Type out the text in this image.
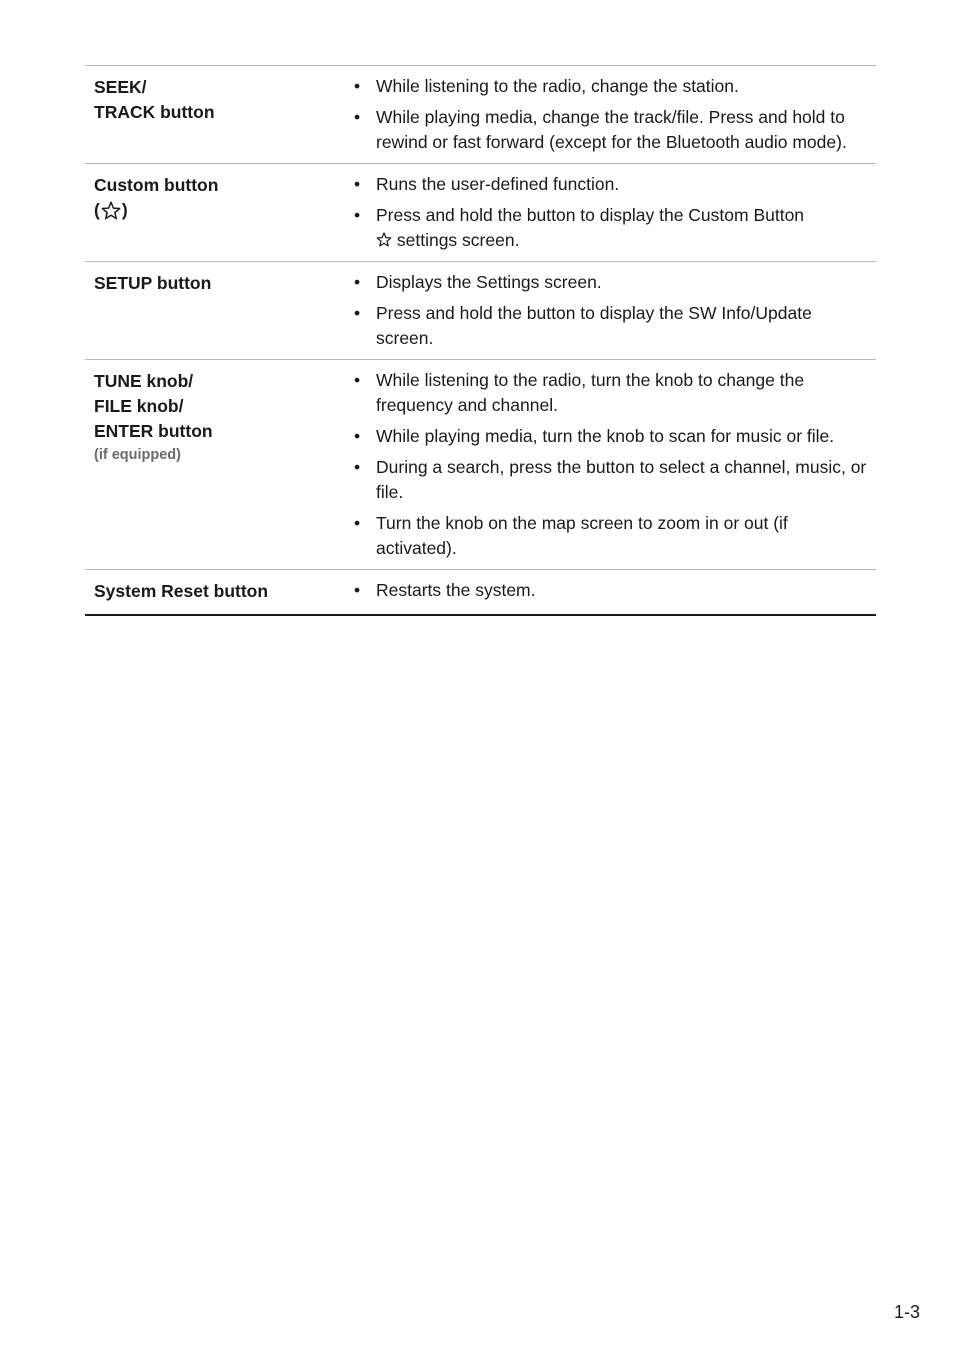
SEEK/
TRACK button
• While listening to the radio, change the station.
• While playing media, change the track/file. Press and hold to rewind or fast forward (except for the Bluetooth audio mode).
Custom button
( )
• Runs the user-defined function.
• Press and hold the button to display the Custom Button
settings screen.
SETUP button	• Displays the Settings screen.
• Press and hold the button to display the SW Info/Update screen.
TUNE knob/
FILE knob/
ENTER button
(if equipped)
• While listening to the radio, turn the knob to change the frequency and channel.
• While playing media, turn the knob to scan for music or file.
• During a search, press the button to select a channel, music, or file.
• Turn the knob on the map screen to zoom in or out (if activated).
System Reset button	• Restarts the system.
1-3
